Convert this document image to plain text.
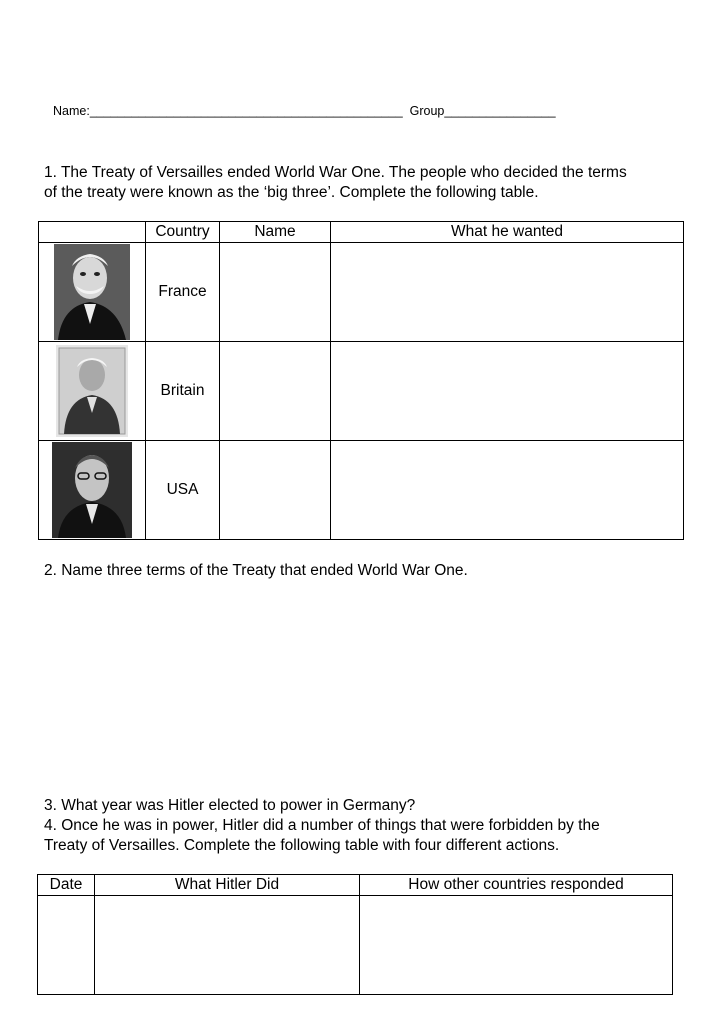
Name:_____________________________________________ Group________________
1. The Treaty of Versailles ended World War One. The people who decided the terms
of the treaty were known as the ‘big three’. Complete the following table.
	Country	Name	What he wanted

	France		

	Britain		

	USA		
2. Name three terms of the Treaty that ended World War One.
3. What year was Hitler elected to power in Germany?
4. Once he was in power, Hitler did a number of things that were forbidden by the
Treaty of Versailles. Complete the following table with four different actions.
Date	What Hitler Did	How other countries responded
